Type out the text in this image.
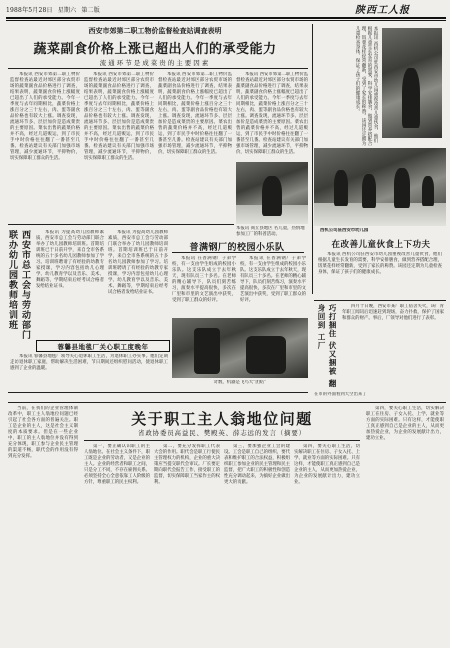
1988年5月28日 星期六 第二版	陕西工人报
西安市郊第二职工物价监督检查站调查表明
蔬菜副食价格上涨已超出人们的承受能力
流通环节是成菜贵的主要因素

本报讯 西安市郊第二职工物价监督检查站最近对郊区部分农贸市场的蔬菜副食品价格进行了调查，结果表明，蔬菜副食价格上涨幅度已超出了人们的承受能力。今年一季度与去年同期相比，蔬菜价格上涨百分之三十左右，肉、蛋等副食品价格也有较大上涨。调查发现，流通环节多、层层加价是造成菜贵的主要原因。菜农出售的蔬菜价格并不高，经过几道贩运，到了市民手中时价格往往翻了一番甚至几番。检查站建议有关部门加强市场管理，减少流通环节，平抑物价，切实保障职工群众的生活。

本报讯 西安市郊第二职工物价监督检查站最近对郊区部分农贸市场的蔬菜副食品价格进行了调查，结果表明，蔬菜副食价格上涨幅度已超出了人们的承受能力。今年一季度与去年同期相比，蔬菜价格上涨百分之三十左右，肉、蛋等副食品价格也有较大上涨。调查发现，流通环节多、层层加价是造成菜贵的主要原因。菜农出售的蔬菜价格并不高，经过几道贩运，到了市民手中时价格往往翻了一番甚至几番。检查站建议有关部门加强市场管理，减少流通环节，平抑物价，切实保障职工群众的生活。

本报讯 西安市郊第二职工物价监督检查站最近对郊区部分农贸市场的蔬菜副食品价格进行了调查，结果表明，蔬菜副食价格上涨幅度已超出了人们的承受能力。今年一季度与去年同期相比，蔬菜价格上涨百分之三十左右，肉、蛋等副食品价格也有较大上涨。调查发现，流通环节多、层层加价是造成菜贵的主要原因。菜农出售的蔬菜价格并不高，经过几道贩运，到了市民手中时价格往往翻了一番甚至几番。检查站建议有关部门加强市场管理，减少流通环节，平抑物价，切实保障职工群众的生活。

本报讯 西安市郊第二职工物价监督检查站最近对郊区部分农贸市场的蔬菜副食品价格进行了调查，结果表明，蔬菜副食价格上涨幅度已超出了人们的承受能力。今年一季度与去年同期相比，蔬菜价格上涨百分之三十左右，肉、蛋等副食品价格也有较大上涨。调查发现，流通环节多、层层加价是造成菜贵的主要原因。菜农出售的蔬菜价格并不高，经过几道贩运，到了市民手中时价格往往翻了一番甚至几番。检查站建议有关部门加强市场管理，减少流通环节，平抑物价，切实保障职工群众的生活。

本报讯 西机公司驻西安市幼儿园重视改善儿童伙食，他们根据儿童生长发育的需要，科学安排膳食，做到营养搭配合理，饭菜花样经常翻新，受到了家长的称赞。该园还定期为儿童检查身体，保证了孩子们的健康成长。
本报讯 商丘县地区 名儿童，热情地参加工厂的科普活动。
西机公司驻西安市幼儿园
在改善儿童伙食上下功夫

本报讯 西机公司驻西安市幼儿园重视改善儿童伙食，他们根据儿童生长发育的需要，科学安排膳食，做到营养搭配合理，饭菜花样经常翻新，受到了家长的称赞。该园还定期为儿童检查身体，保证了孩子们的健康成长。

西安市总工会与劳动部门联办幼儿园教师培训班	本报讯 为提高幼儿园教师素质，西安市总工会与劳动部门联合举办了幼儿园教师培训班。首期培训班已于日前开学，来自全市各系统的五十多名幼儿园教师参加了学习。培训班聘请了有经验的幼教专家授课，学习内容包括幼儿心理学、幼儿教育学以及音乐、美术、舞蹈等，学期结束后经考试合格者发给结业证书。

本报讯 为提高幼儿园教师素质，西安市总工会与劳动部门联合举办了幼儿园教师培训班。首期培训班已于日前开学，来自全市各系统的五十多名幼儿园教师参加了学习。培训班聘请了有经验的幼教专家授课，学习内容包括幼儿心理学、幼儿教育学以及音乐、美术、舞蹈等，学期结束后经考试合格者发给结业证书。

普满钢厂的校园小乐队

本报讯 在普满钢厂子弟学校，有一支由学生组成的校园小乐队。这支乐队成立于去年秋天，现有队员三十多名。在老师的精心辅导下，队员们刻苦练习，演奏水平提高很快，多次在厂里和市里的文艺演出中获奖，受到了职工群众的好评。

本报讯 在普满钢厂子弟学校，有一支由学生组成的校园小乐队。这支乐队成立于去年秋天，现有队员三十多名。在老师的精心辅导下，队员们刻苦练习，演奏水平提高很快，多次在厂里和市里的文艺演出中获奖，受到了职工群众的好评。

巧打捆住 伏又捆被 翻身回到 工厂	四月十日晚，西安市某厂职工宿舍失火，该厂青年职工闻讯后迅速赶到现场，奋力扑救，保护了国家和群众的财产。事后，厂领导对他们进行了表彰。

蓉馨县地毯厂关心职工度晚年

本报讯 蓉馨县地毯厂领导关心退休职工生活，为退休职工办实事。他们定期走访退休职工家庭，帮助解决生活困难，节日期间还组织慰问活动，使退休职工感到了企业的温暖。

奇数，机器是飞鸟大“团结”
在市的外面看到天空出来了

当前，在我们的企业管理体制改革中，职工主人翁地位问题已经引起了社会各方面的普遍关注。职工是企业的主人，这是社会主义制度的本质要求。但是在一些企业中，职工的主人翁地位并没有得到充分体现，职工参与企业民主管理的渠道不畅，职代会的作用没有得到充分发挥。

关于职工主人翁地位问题
省政协委员高益民、樊殿英、薛志远的发言（摘要）

第一，要正确认识职工的主人翁地位。在社会主义条件下，职工既是企业的劳动者，又是企业的主人。企业的经营者和职工之间，只是分工不同，不存在雇佣关系。必须坚持全心全意依靠工人阶级的方针，尊重职工的民主权利。

第二，要充分发挥职工代表大会的作用。职代会是职工行使民主管理权力的机构，企业的重大决策应当提交职代会审议。厂长要定期向职代会报告工作，接受职工的监督，切实保障职工当家作主的权利。

第三，要加强企业工会的建设。工会是职工自己的组织，要代表和维护职工的合法权益，积极组织职工参加企业的民主管理和民主监督，把广大职工的积极性和创造性充分调动起来，为搞好企业做出更大的贡献。

第四，要关心职工生活，切实解决职工在住房、子女入托、上学、就业等方面的实际困难。只有这样，才能使职工真正感到自己是企业的主人，从而更加热爱企业，为企业的发展献计出力，建功立业。

第四，要关心职工生活，切实解决职工在住房、子女入托、上学、就业等方面的实际困难。只有这样，才能使职工真正感到自己是企业的主人，从而更加热爱企业，为企业的发展献计出力，建功立业。
